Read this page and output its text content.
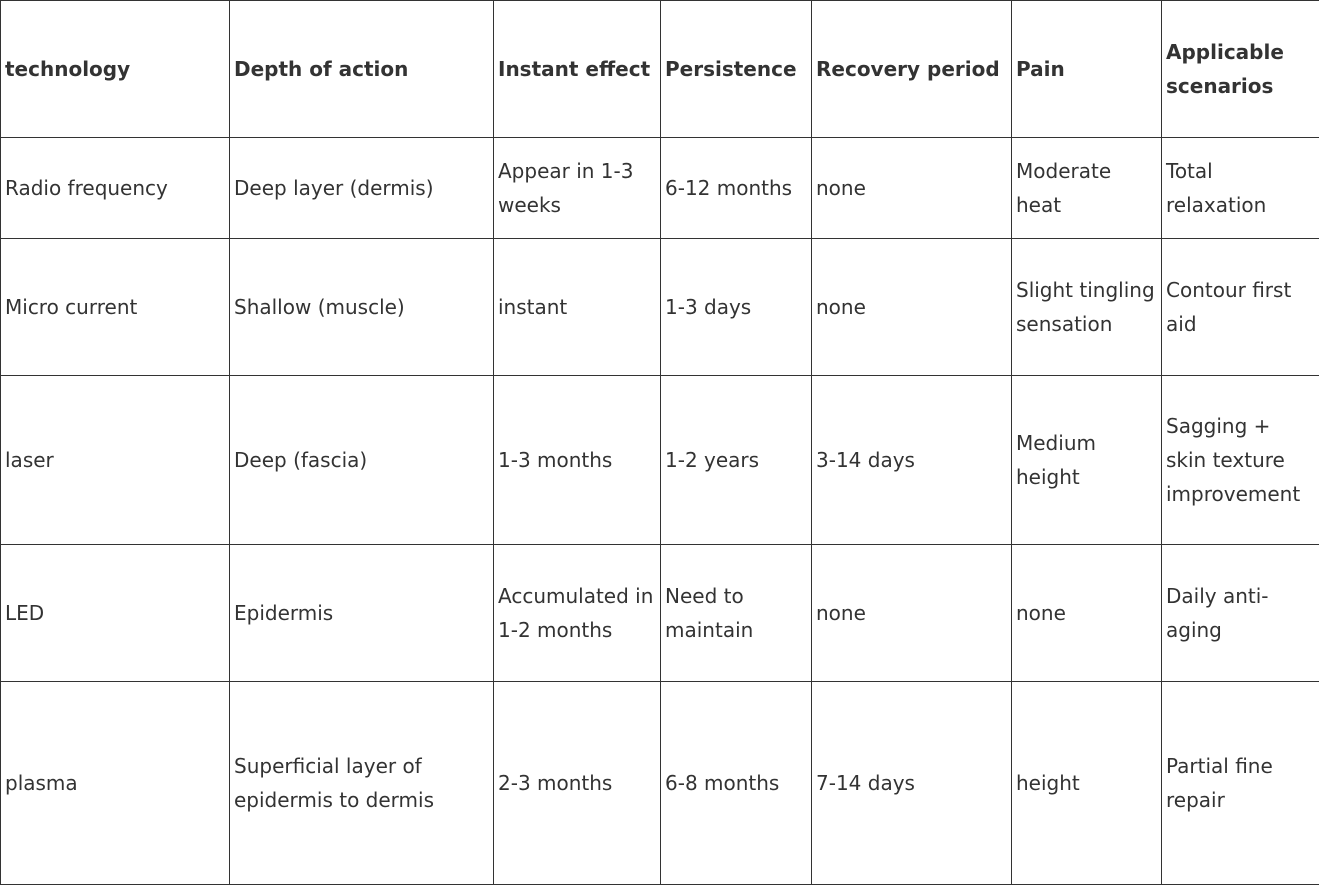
technology	Depth of action	Instant effect	Persistence	Recovery period	Pain	Applicable scenarios
Radio frequency	Deep layer (dermis)	Appear in 1-3 weeks	6-12 months	none	Moderate heat	Total relaxation
Micro current	Shallow (muscle)	instant	1-3 days	none	Slight tingling sensation	Contour first aid
laser	Deep (fascia)	1-3 months	1-2 years	3-14 days	Medium height	Sagging + skin texture improvement
LED	Epidermis	Accumulated in 1-2 months	Need to maintain	none	none	Daily anti-aging
plasma	Superficial layer of epidermis to dermis	2-3 months	6-8 months	7-14 days	height	Partial fine repair
